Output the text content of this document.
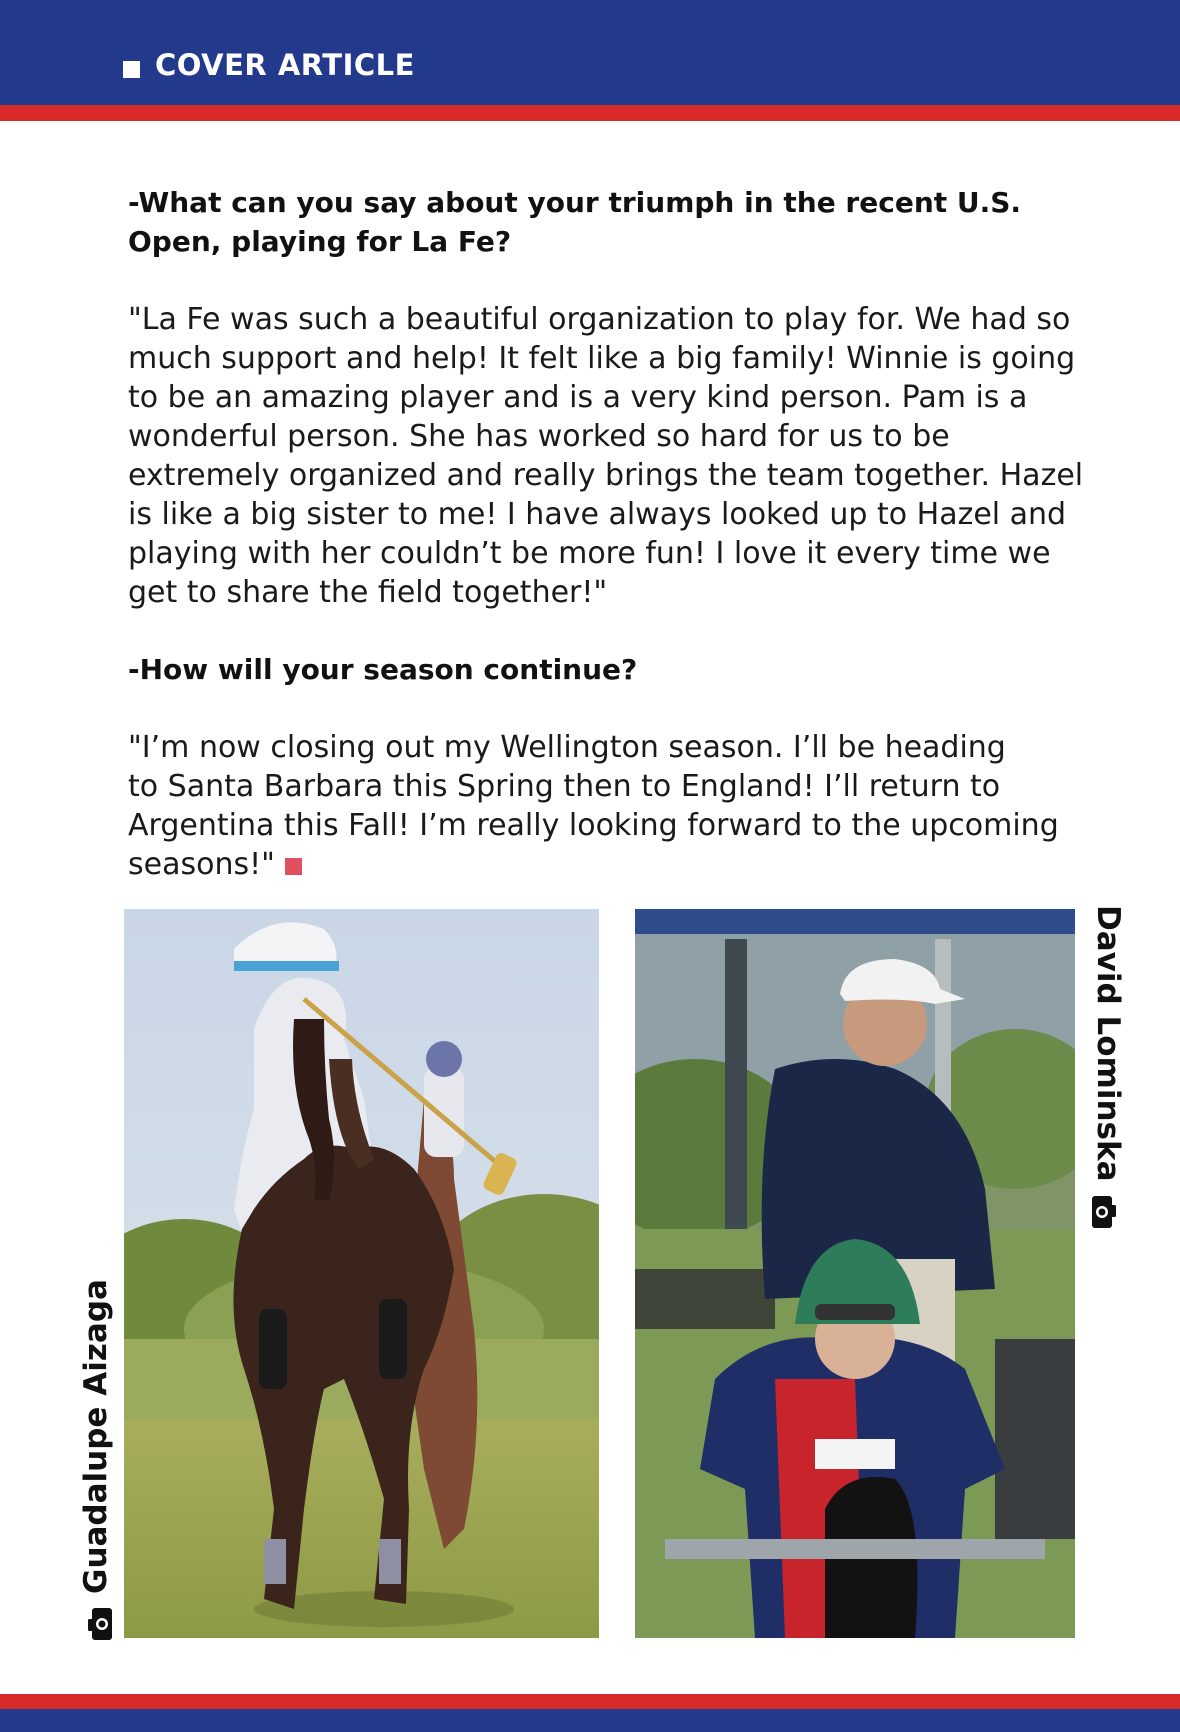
COVER ARTICLE

-What can you say about your triumph in the recent U.S. Open, playing for La Fe?

"La Fe was such a beautiful organization to play for. We had so much support and help! It felt like a big family! Winnie is going to be an amazing player and is a very kind person. Pam is a wonderful person. She has worked so hard for us to be extremely organized and really brings the team together. Hazel is like a big sister to me! I have always looked up to Hazel and playing with her couldn’t be more fun! I love it every time we get to share the field together!"

-How will your season continue?

"I’m now closing out my Wellington season. I’ll be heading
to Santa Barbara this Spring then to England! I’ll return to Argentina this Fall! I’m really looking forward to the upcoming seasons!"

Guadalupe Aizaga
David Lominska
